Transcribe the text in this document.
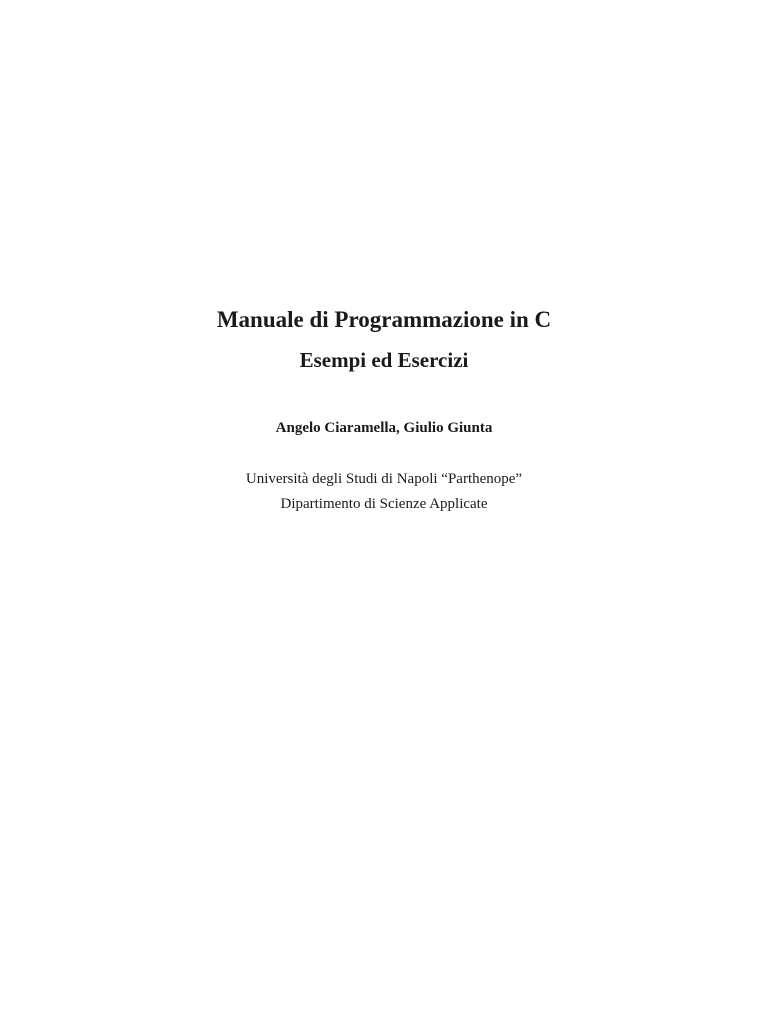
Manuale di Programmazione in C
Esempi ed Esercizi
Angelo Ciaramella, Giulio Giunta
Università degli Studi di Napoli “Parthenope”
Dipartimento di Scienze Applicate
